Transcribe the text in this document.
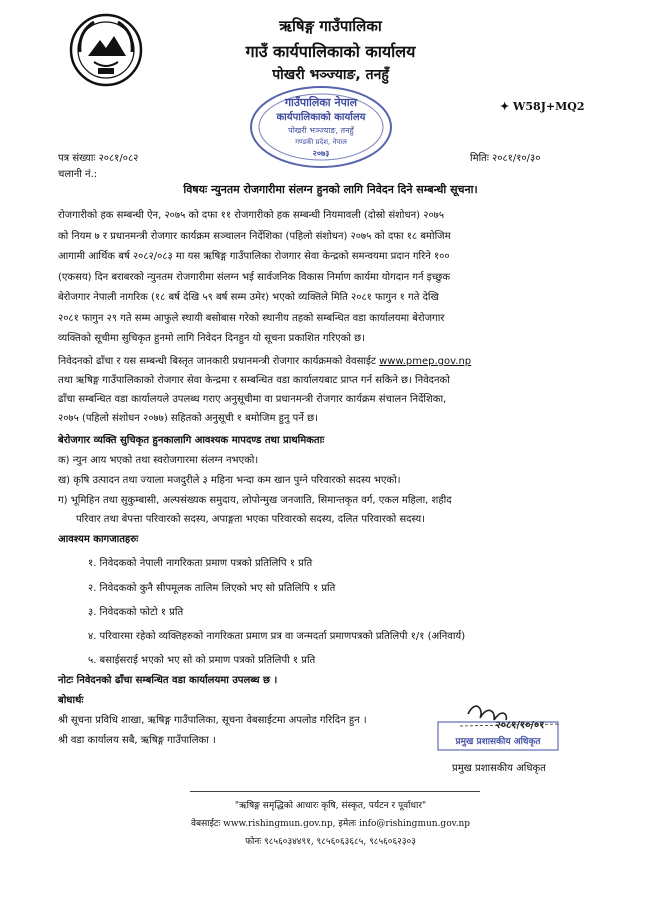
ऋषिङ्ग गाउँपालिका
गाउँ कार्यपालिकाको कार्यालय
पोखरी भञ्ज्याङ, तनहुँ
✦ W58J+MQ2
गाउँपालिका नेपाल
कार्यपालिकाको कार्यालय
पोखरी भञ्ज्याङ, तनहुँ
गण्डकी प्रदेश, नेपाल
२०७३
पत्र संख्याः २०८१/०८२
चलानी नं.:
मितिः २०८१/१०/३०
विषयः न्युनतम रोजगारीमा संलग्न हुनको लागि निवेदन दिने सम्बन्धी सूचना।
रोजगारीको हक सम्बन्धी ऐन, २०७५ को दफा ११ रोजगारीको हक सम्बन्धी नियमावली (दोस्रो संशोधन) २०७५
को नियम ७ र प्रधानमन्त्री रोजगार कार्यक्रम सञ्चालन निर्देशिका (पहिलो संशोधन) २०७५ को दफा १८ बमोजिम
आगामी आर्थिक बर्ष २०८२/०८३ मा यस ऋषिङ्ग गाउँपालिका रोजगार सेवा केन्द्रको समन्वयमा प्रदान गरिने १००
(एकसय) दिन बराबरको न्युनतम रोजगारीमा संलग्न भई सार्वजनिक विकास निर्माण कार्यमा योगदान गर्न इच्छुक
बेरोजगार नेपाली नागरिक (१८ बर्ष देखि ५९ बर्ष सम्म उमेर) भएको व्यक्तिले मिति २०८१ फागुन १ गते देखि
२०८१ फागुन २९ गते सम्म आफुले स्थायी बसोबास गरेको स्थानीय तहको सम्बन्धित वडा कार्यालयमा बेरोजगार
व्यक्तिको सूचीमा सुचिकृत हुनमो लागि निवेदन दिनहुन यो सूचना प्रकाशित गरिएको छ।
निवेदनको ढाँचा र यस सम्बन्धी बिस्तृत जानकारी प्रधानमन्त्री रोजगार कार्यक्रमको वेवसाईट www.pmep.gov.np
तथा ऋषिङ्ग गाउँपालिकाको रोजगार सेवा केन्द्रमा र सम्बन्धित वडा कार्यालयबाट प्राप्त गर्न सकिने छ। निवेदनको
ढाँचा सम्बन्धित वडा कार्यालयले उपलब्ध गराए अनुसूचीमा वा प्रधानमन्त्री रोजगार कार्यक्रम संचालन निर्देशिका,
२०७५ (पहिलो संशोधन २०७७) सहितको अनुसूची १ बमोजिम हुनु पर्ने छ।
बेरोजगार व्यक्ति सुचिकृत हुनकालागि आवश्यक मापदण्ड तथा प्राथमिकताः
क) न्युन आय भएको तथा स्वरोजगारमा संलग्न नभएको।
ख) कृषि उत्पादन तथा ज्याला मजदुरीले ३ महिना भन्दा कम खान पुग्ने परिवारको सदस्य भएको।
ग) भूमिहिन तथा सुकुम्बासी, अल्पसंख्यक समुदाय, लोपोन्मुख जनजाति, सिमान्तकृत वर्ग, एकल महिला, शहीद
परिवार तथा बेपत्ता परिवारको सदस्य, अपाङ्गता भएका परिवारको सदस्य, दलित परिवारको सदस्य।
आवश्यम कागजातहरुः
१. निवेदकको नेपाली नागरिकता प्रमाण पत्रको प्रतिलिपि १ प्रति
२. निवेदकको कुनै सीपमूलक तालिम लिएको भए सो प्रतिलिपि १ प्रति
३. निवेदकको फोटो १ प्रति
४. परिवारमा रहेको व्यक्तिहरुको नागरिकता प्रमाण प्रत्र वा जन्मदर्ता प्रमाणपत्रको प्रतिलिपी १/१ (अनिवार्य)
५. बसाईसराई भएको भए सो को प्रमाण पत्रको प्रतिलिपी १ प्रति
नोटः निवेदनको ढाँचा सम्बन्धित वडा कार्यालयमा उपलब्ध छ ।
बोधार्थः
श्री सूचना प्रविधि शाखा, ऋषिङ्ग गाउँपालिका, सूचना वेबसाईटमा अपलोड गरिदिन हुन ।
श्री वडा कार्यालय सबै, ऋषिङ्ग गाउँपालिका ।
२०८१/१०/०१
प्रमुख प्रशासकीय अधिकृत
प्रमुख प्रशासकीय अधिकृत
"ऋषिङ्ग समृद्धिको आधारः कृषि, संस्कृत, पर्यटन र पूर्वाधार"
वेबसाईटः www.rishingmun.gov.np, इमेलः info@rishingmun.gov.np
फोनः ९८५६०३४४९१, ९८५६०६३६८५, ९८५६०६२३०३
